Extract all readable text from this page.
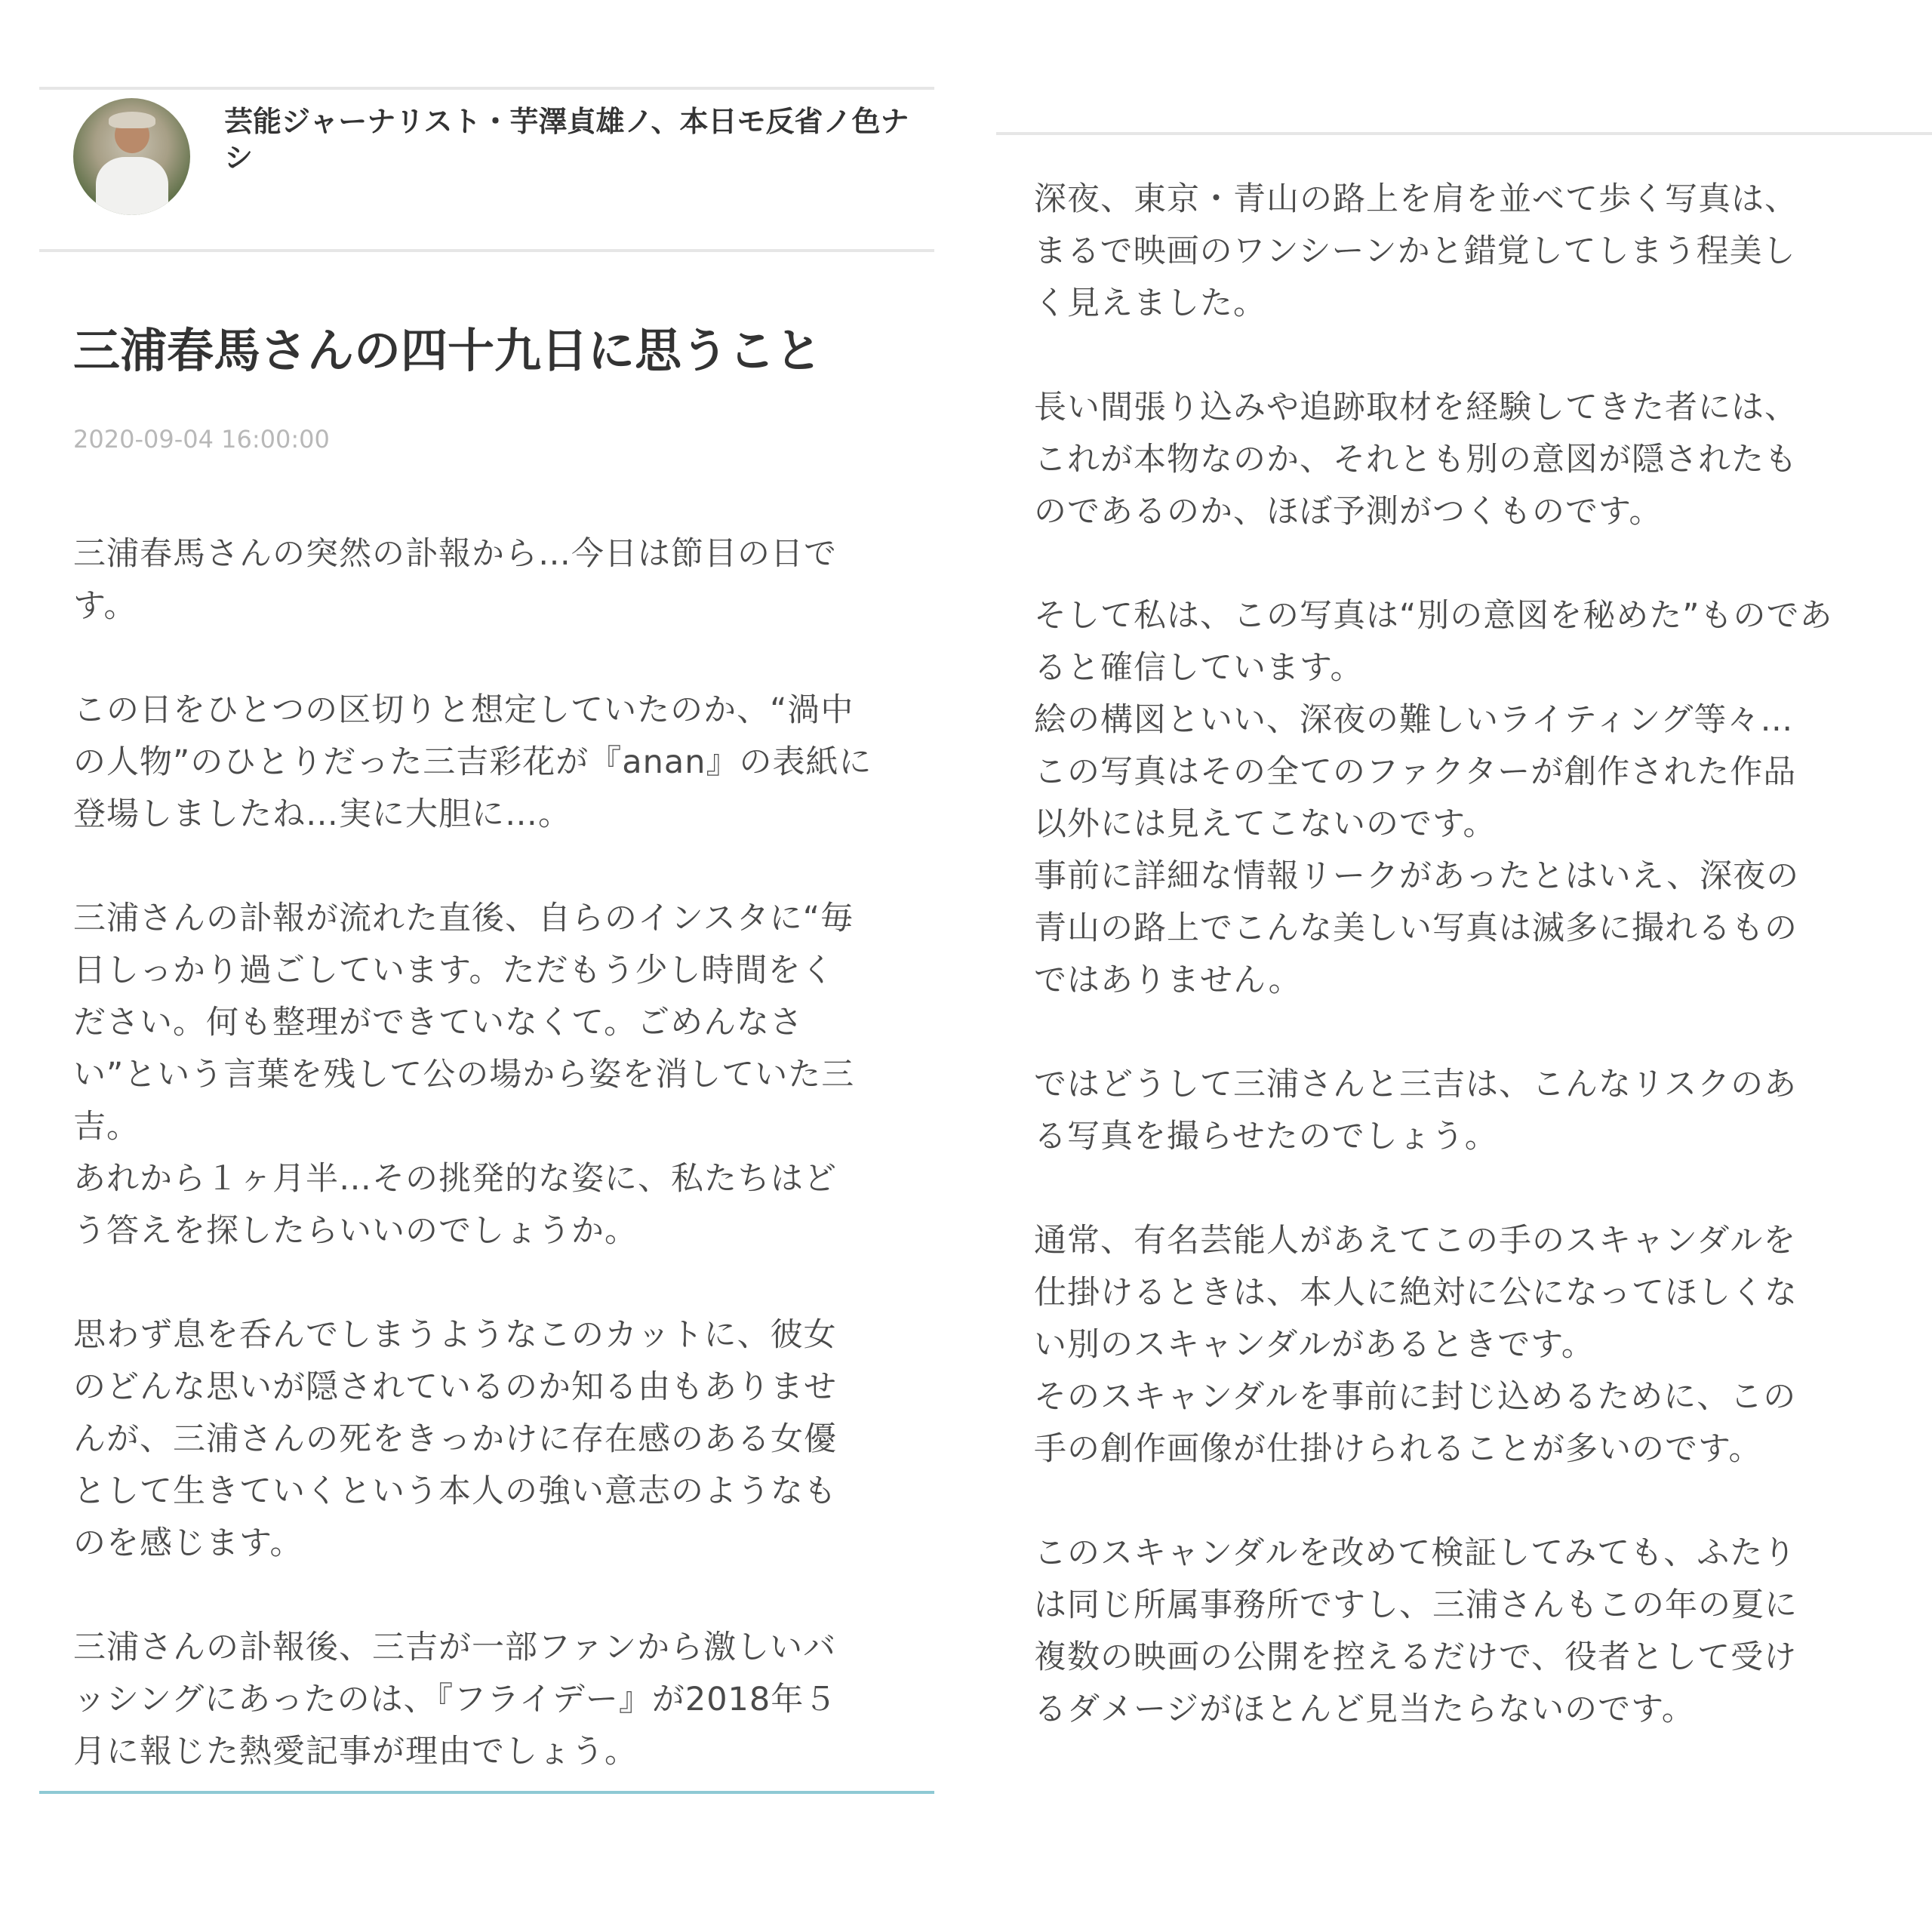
芸能ジャーナリスト・芋澤貞雄ノ、本日モ反省ノ色ナシ
三浦春馬さんの四十九日に思うこと
2020-09-04 16:00:00

三浦春馬さんの突然の訃報から…今日は節目の日で
す。

この日をひとつの区切りと想定していたのか、“渦中
の人物”のひとりだった三吉彩花が『anan』の表紙に
登場しましたね…実に大胆に…。

三浦さんの訃報が流れた直後、自らのインスタに“毎
日しっかり過ごしています。ただもう少し時間をく
ださい。何も整理ができていなくて。ごめんなさ
い”という言葉を残して公の場から姿を消していた三
吉。
あれから１ヶ月半…その挑発的な姿に、私たちはど
う答えを探したらいいのでしょうか。

思わず息を呑んでしまうようなこのカットに、彼女
のどんな思いが隠されているのか知る由もありませ
んが、三浦さんの死をきっかけに存在感のある女優
として生きていくという本人の強い意志のようなも
のを感じます。

三浦さんの訃報後、三吉が一部ファンから激しいバ
ッシングにあったのは、『フライデー』が2018年５
月に報じた熱愛記事が理由でしょう。

深夜、東京・青山の路上を肩を並べて歩く写真は、
まるで映画のワンシーンかと錯覚してしまう程美し
く見えました。

長い間張り込みや追跡取材を経験してきた者には、
これが本物なのか、それとも別の意図が隠されたも
のであるのか、ほぼ予測がつくものです。

そして私は、この写真は“別の意図を秘めた”ものであ
ると確信しています。
絵の構図といい、深夜の難しいライティング等々…
この写真はその全てのファクターが創作された作品
以外には見えてこないのです。
事前に詳細な情報リークがあったとはいえ、深夜の
青山の路上でこんな美しい写真は滅多に撮れるもの
ではありません。

ではどうして三浦さんと三吉は、こんなリスクのあ
る写真を撮らせたのでしょう。

通常、有名芸能人があえてこの手のスキャンダルを
仕掛けるときは、本人に絶対に公になってほしくな
い別のスキャンダルがあるときです。
そのスキャンダルを事前に封じ込めるために、この
手の創作画像が仕掛けられることが多いのです。

このスキャンダルを改めて検証してみても、ふたり
は同じ所属事務所ですし、三浦さんもこの年の夏に
複数の映画の公開を控えるだけで、役者として受け
るダメージがほとんど見当たらないのです。
